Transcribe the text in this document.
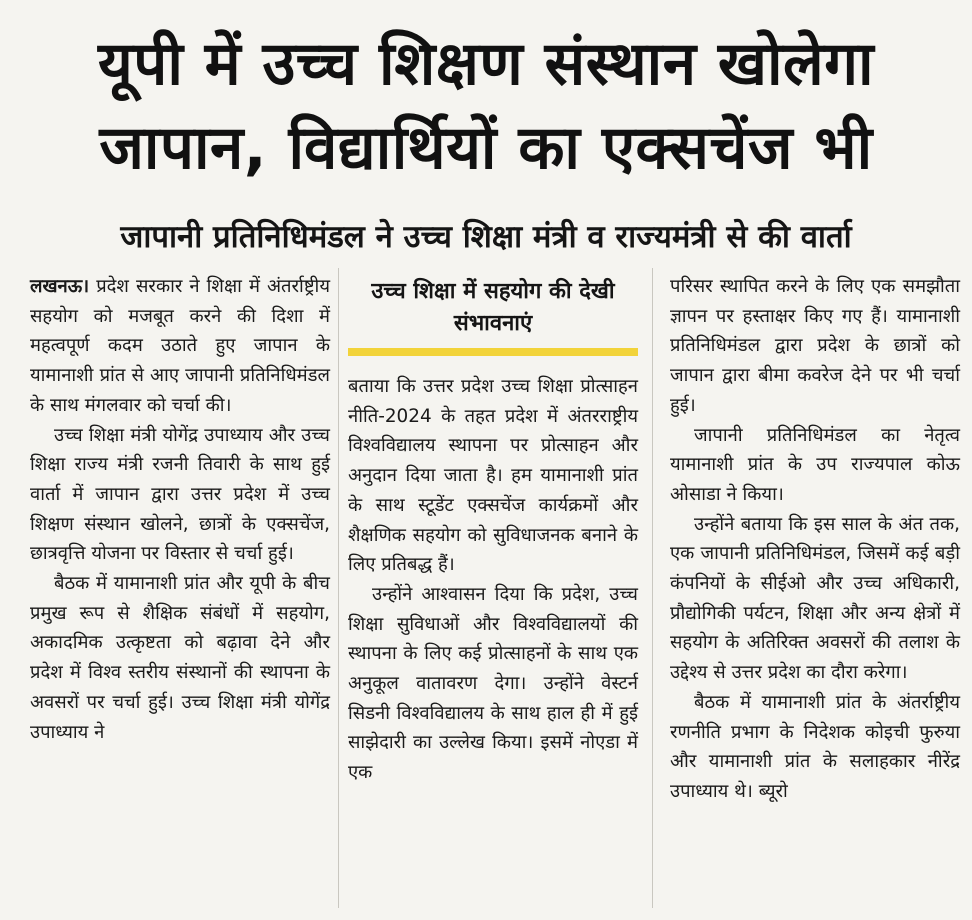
यूपी में उच्च शिक्षण संस्थान खोलेगा
जापान, विद्यार्थियों का एक्सचेंज भी
जापानी प्रतिनिधिमंडल ने उच्च शिक्षा मंत्री व राज्यमंत्री से की वार्ता

लखनऊ। प्रदेश सरकार ने शिक्षा में अंतर्राष्ट्रीय सहयोग को मजबूत करने की दिशा में महत्वपूर्ण कदम उठाते हुए जापान के यामानाशी प्रांत से आए जापानी प्रतिनिधिमंडल के साथ मंगलवार को चर्चा की।

उच्च शिक्षा मंत्री योगेंद्र उपाध्याय और उच्च शिक्षा राज्य मंत्री रजनी तिवारी के साथ हुई वार्ता में जापान द्वारा उत्तर प्रदेश में उच्च शिक्षण संस्थान खोलने, छात्रों के एक्सचेंज, छात्रवृत्ति योजना पर विस्तार से चर्चा हुई।

बैठक में यामानाशी प्रांत और यूपी के बीच प्रमुख रूप से शैक्षिक संबंधों में सहयोग, अकादमिक उत्कृष्टता को बढ़ावा देने और प्रदेश में विश्व स्तरीय संस्थानों की स्थापना के अवसरों पर चर्चा हुई। उच्च शिक्षा मंत्री योगेंद्र उपाध्याय ने

उच्च शिक्षा में सहयोग की देखी संभावनाएं

बताया कि उत्तर प्रदेश उच्च शिक्षा प्रोत्साहन नीति-2024 के तहत प्रदेश में अंतरराष्ट्रीय विश्वविद्यालय स्थापना पर प्रोत्साहन और अनुदान दिया जाता है। हम यामानाशी प्रांत के साथ स्टूडेंट एक्सचेंज कार्यक्रमों और शैक्षणिक सहयोग को सुविधाजनक बनाने के लिए प्रतिबद्ध हैं।

उन्होंने आश्वासन दिया कि प्रदेश, उच्च शिक्षा सुविधाओं और विश्वविद्यालयों की स्थापना के लिए कई प्रोत्साहनों के साथ एक अनुकूल वातावरण देगा। उन्होंने वेस्टर्न सिडनी विश्वविद्यालय के साथ हाल ही में हुई साझेदारी का उल्लेख किया। इसमें नोएडा में एक

परिसर स्थापित करने के लिए एक समझौता ज्ञापन पर हस्ताक्षर किए गए हैं। यामानाशी प्रतिनिधिमंडल द्वारा प्रदेश के छात्रों को जापान द्वारा बीमा कवरेज देने पर भी चर्चा हुई।

जापानी प्रतिनिधिमंडल का नेतृत्व यामानाशी प्रांत के उप राज्यपाल कोऊ ओसाडा ने किया।

उन्होंने बताया कि इस साल के अंत तक, एक जापानी प्रतिनिधिमंडल, जिसमें कई बड़ी कंपनियों के सीईओ और उच्च अधिकारी, प्रौद्योगिकी पर्यटन, शिक्षा और अन्य क्षेत्रों में सहयोग के अतिरिक्त अवसरों की तलाश के उद्देश्य से उत्तर प्रदेश का दौरा करेगा।

बैठक में यामानाशी प्रांत के अंतर्राष्ट्रीय रणनीति प्रभाग के निदेशक कोइची फुरुया और यामानाशी प्रांत के सलाहकार नीरेंद्र उपाध्याय थे। ब्यूरो
